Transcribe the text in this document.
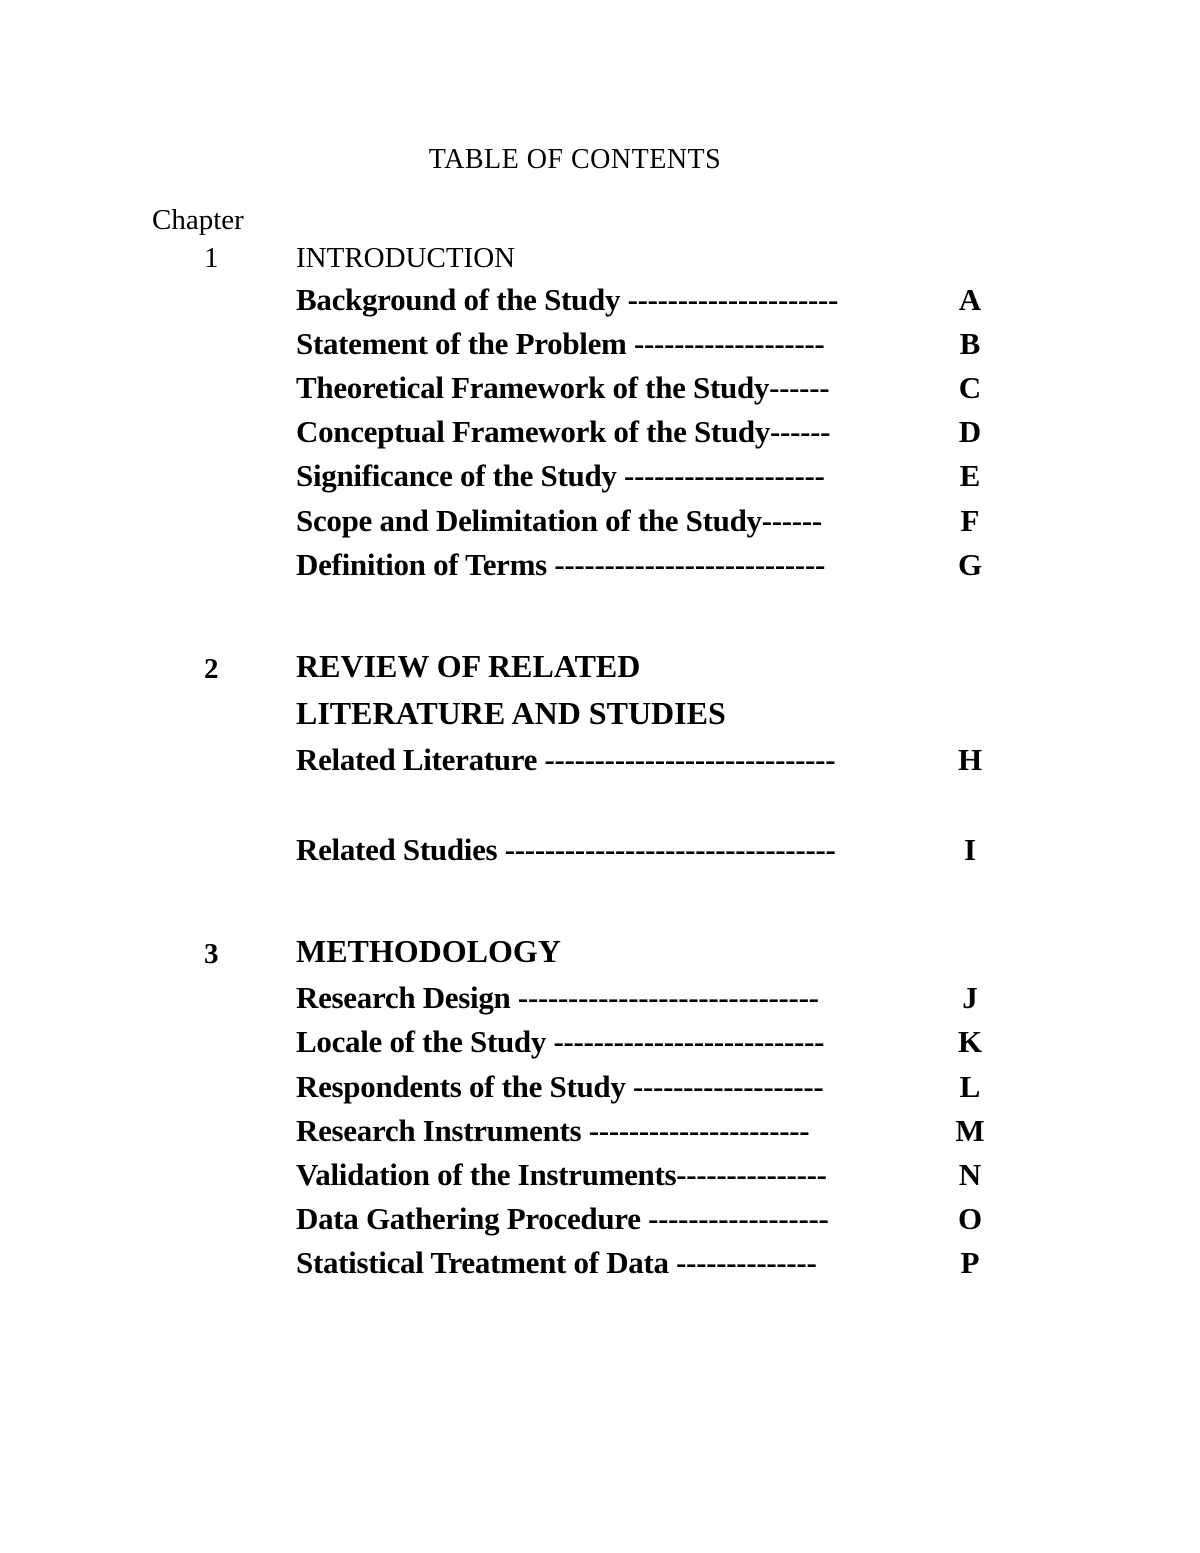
TABLE OF CONTENTS
Chapter
1	INTRODUCTION
Background of the Study ---------------------	A
Statement of the Problem -------------------	B
Theoretical Framework of the Study------	C
Conceptual Framework of the Study------	D
Significance of the Study --------------------	E
Scope and Delimitation of the Study------	F
Definition of Terms ---------------------------	G
2 REVIEW OF RELATED
LITERATURE AND STUDIES
Related Literature -----------------------------	H
Related Studies ---------------------------------	I
3 METHODOLOGY
Research Design ------------------------------	J
Locale of the Study ---------------------------	K
Respondents of the Study -------------------	L
Research Instruments ----------------------	M
Validation of the Instruments---------------	N
Data Gathering Procedure ------------------	O
Statistical Treatment of Data --------------	P
